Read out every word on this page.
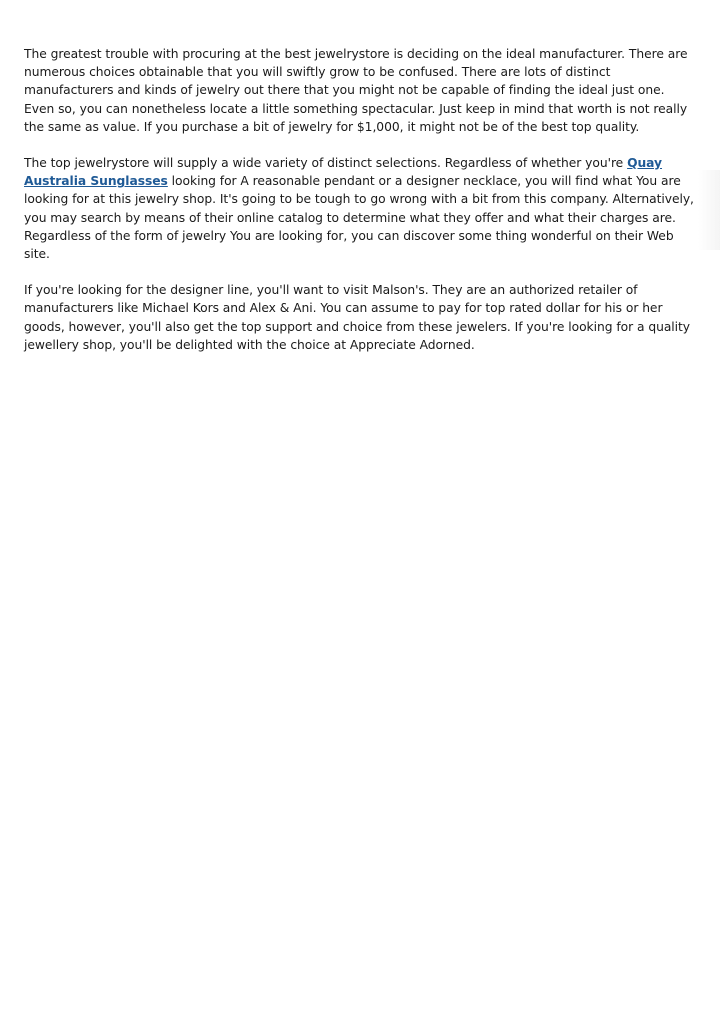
The greatest trouble with procuring at the best jewelrystore is deciding on the ideal manufacturer. There are numerous choices obtainable that you will swiftly grow to be confused. There are lots of distinct manufacturers and kinds of jewelry out there that you might not be capable of finding the ideal just one. Even so, you can nonetheless locate a little something spectacular. Just keep in mind that worth is not really the same as value. If you purchase a bit of jewelry for $1,000, it might not be of the best top quality.

The top jewelrystore will supply a wide variety of distinct selections. Regardless of whether you're Quay Australia Sunglasses looking for A reasonable pendant or a designer necklace, you will find what You are looking for at this jewelry shop. It's going to be tough to go wrong with a bit from this company. Alternatively, you may search by means of their online catalog to determine what they offer and what their charges are. Regardless of the form of jewelry You are looking for, you can discover some thing wonderful on their Web site.

If you're looking for the designer line, you'll want to visit Malson's. They are an authorized retailer of manufacturers like Michael Kors and Alex & Ani. You can assume to pay for top rated dollar for his or her goods, however, you'll also get the top support and choice from these jewelers. If you're looking for a quality jewellery shop, you'll be delighted with the choice at Appreciate Adorned.
